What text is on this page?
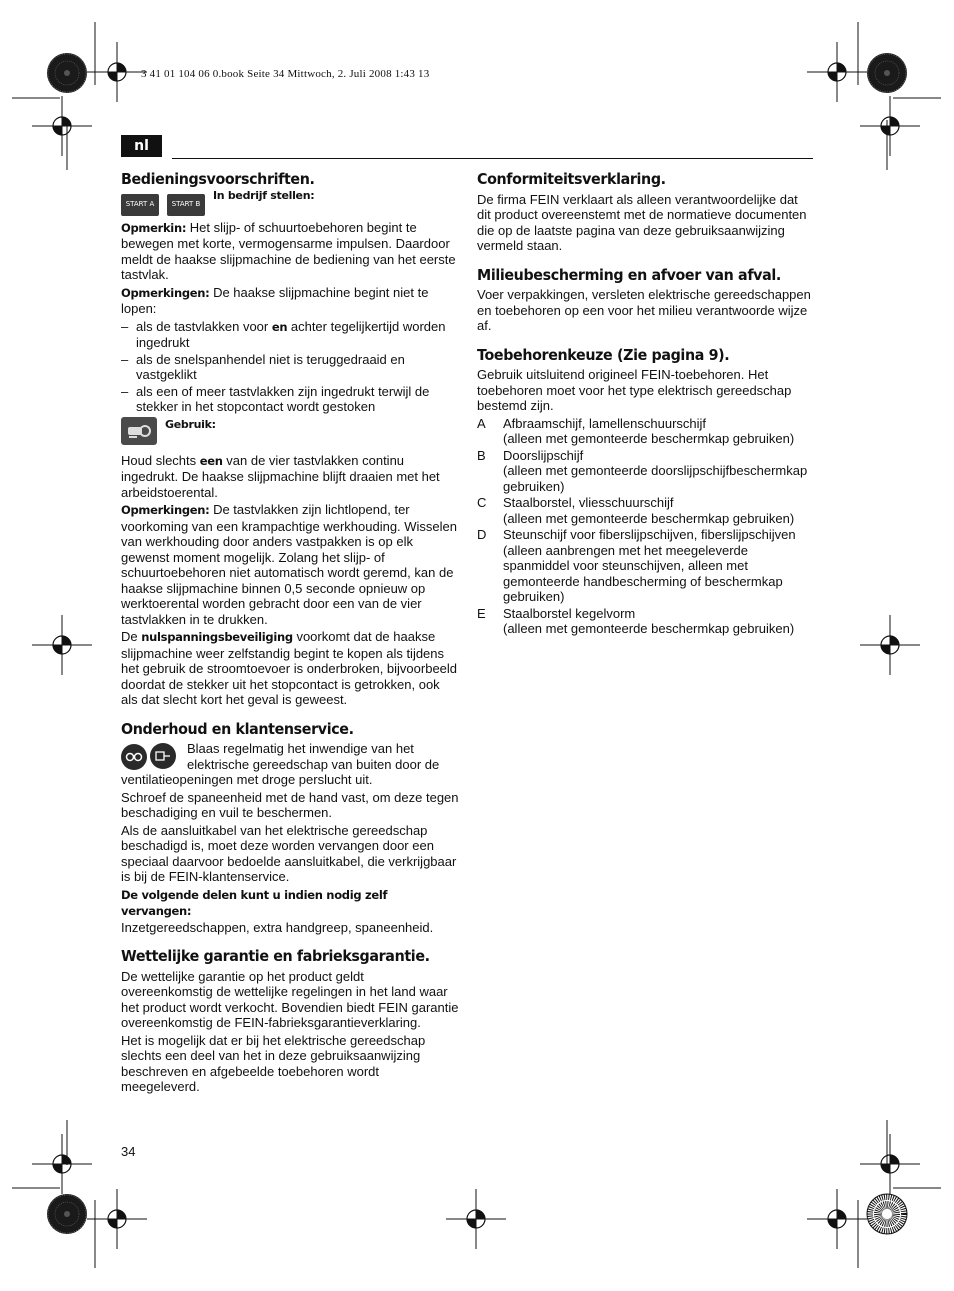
3 41 01 104 06 0.book Seite 34 Mittwoch, 2. Juli 2008 1:43 13
nl
Bedieningsvoorschriften.
START A	START B
In bedrijf stellen:

Opmerkin: Het slijp- of schuurtoebehoren begint te bewegen met korte, vermogensarme impulsen. Daardoor meldt de haakse slijpmachine de bediening van het eerste tastvlak.

Opmerkingen: De haakse slijpmachine begint niet te lopen:

– als de tastvlakken voor en achter tegelijkertijd worden ingedrukt
– als de snelspanhendel niet is teruggedraaid en vastgeklikt
– als een of meer tastvlakken zijn ingedrukt terwijl de stekker in het stopcontact wordt gestoken
Gebruik:

Houd slechts een van de vier tastvlakken continu ingedrukt. De haakse slijpmachine blijft draaien met het arbeidstoerental.

Opmerkingen: De tastvlakken zijn lichtlopend, ter voorkoming van een krampachtige werkhouding. Wisselen van werkhouding door anders vastpakken is op elk gewenst moment mogelijk. Zolang het slijp- of schuurtoebehoren niet automatisch wordt geremd, kan de haakse slijpmachine binnen 0,5 seconde opnieuw op werktoerental worden gebracht door een van de vier tastvlakken in te drukken.

De nulspanningsbeveiliging voorkomt dat de haakse slijpmachine weer zelfstandig begint te kopen als tijdens het gebruik de stroomtoevoer is onderbroken, bijvoorbeeld doordat de stekker uit het stopcontact is getrokken, ook als dat slecht kort het geval is geweest.

Onderhoud en klantenservice.

Blaas regelmatig het inwendige van het elektrische gereedschap van buiten door de ventilatieopeningen met droge perslucht uit.

Schroef de spaneenheid met de hand vast, om deze tegen beschadiging en vuil te beschermen.

Als de aansluitkabel van het elektrische gereedschap beschadigd is, moet deze worden vervangen door een speciaal daarvoor bedoelde aansluitkabel, die verkrijgbaar is bij de FEIN-klantenservice.

De volgende delen kunt u indien nodig zelf vervangen:
Inzetgereedschappen, extra handgreep, spaneenheid.

Wettelijke garantie en fabrieksgarantie.

De wettelijke garantie op het product geldt overeenkomstig de wettelijke regelingen in het land waar het product wordt verkocht. Bovendien biedt FEIN garantie overeenkomstig de FEIN-fabrieksgarantieverklaring.

Het is mogelijk dat er bij het elektrische gereedschap slechts een deel van het in deze gebruiksaanwijzing beschreven en afgebeelde toebehoren wordt meegeleverd.

Conformiteitsverklaring.

De firma FEIN verklaart als alleen verantwoordelijke dat dit product overeenstemt met de normatieve documenten die op de laatste pagina van deze gebruiksaanwijzing vermeld staan.

Milieubescherming en afvoer van afval.

Voer verpakkingen, versleten elektrische gereedschappen en toebehoren op een voor het milieu verantwoorde wijze af.

Toebehorenkeuze (Zie pagina 9).

Gebruik uitsluitend origineel FEIN-toebehoren. Het toebehoren moet voor het type elektrisch gereedschap bestemd zijn.

A	Afbraamschijf, lamellenschuurschijf
(alleen met gemonteerde beschermkap gebruiken)
B	Doorslijpschijf
(alleen met gemonteerde doorslijpschijfbeschermkap gebruiken)
C	Staalborstel, vliesschuurschijf
(alleen met gemonteerde beschermkap gebruiken)
D	Steunschijf voor fiberslijpschijven, fiberslijpschijven
(alleen aanbrengen met het meegeleverde spanmiddel voor steunschijven, alleen met gemonteerde handbescherming of beschermkap gebruiken)
E	Staalborstel kegelvorm
(alleen met gemonteerde beschermkap gebruiken)
34
